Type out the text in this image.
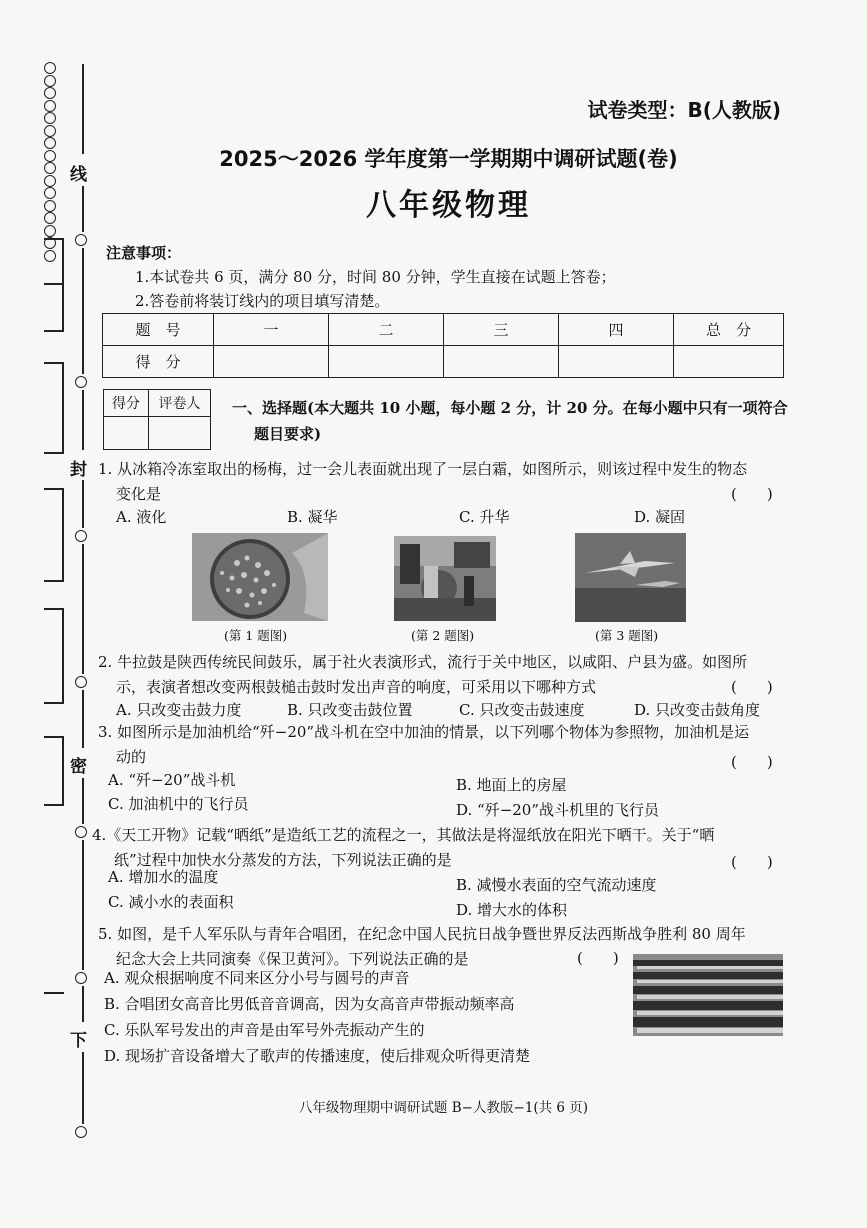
线
封
密
下
试卷类型：B(人教版)
2025～2026 学年度第一学期期中调研试题(卷)
八年级物理
注意事项：
1.本试卷共 6 页，满分 80 分，时间 80 分钟，学生直接在试题上答卷；
2.答卷前将装订线内的项目填写清楚。
题　号	一	二	三	四	总　分
得　分					
得分	评卷人
	一、选择题(本大题共 10 小题，每小题 2 分，计 20 分。在每小题中只有一项符合
题目要求)
1. 从冰箱冷冻室取出的杨梅，过一会儿表面就出现了一层白霜，如图所示，则该过程中发生的物态
变化是	(　　)
A. 液化	B. 凝华	C. 升华	D. 凝固
(第 1 题图)	(第 2 题图)	(第 3 题图)
2. 牛拉鼓是陕西传统民间鼓乐，属于社火表演形式，流行于关中地区，以咸阳、户县为盛。如图所
示，表演者想改变两根鼓槌击鼓时发出声音的响度，可采用以下哪种方式	(　　)
A. 只改变击鼓力度	B. 只改变击鼓位置	C. 只改变击鼓速度	D. 只改变击鼓角度
3. 如图所示是加油机给“歼−20”战斗机在空中加油的情景，以下列哪个物体为参照物，加油机是运
动的	(　　)
A. “歼−20”战斗机	B. 地面上的房屋
C. 加油机中的飞行员	D. “歼−20”战斗机里的飞行员
4.《天工开物》记载“晒纸”是造纸工艺的流程之一，其做法是将湿纸放在阳光下晒干。关于“晒
纸”过程中加快水分蒸发的方法，下列说法正确的是	(　　)
A. 增加水的温度	B. 减慢水表面的空气流动速度
C. 减小水的表面积	D. 增大水的体积
5. 如图，是千人军乐队与青年合唱团，在纪念中国人民抗日战争暨世界反法西斯战争胜利 80 周年
纪念大会上共同演奏《保卫黄河》。下列说法正确的是	(　　)
A. 观众根据响度不同来区分小号与圆号的声音
B. 合唱团女高音比男低音音调高，因为女高音声带振动频率高
C. 乐队军号发出的声音是由军号外壳振动产生的
D. 现场扩音设备增大了歌声的传播速度，使后排观众听得更清楚
八年级物理期中调研试题 B−人教版−1(共 6 页)
